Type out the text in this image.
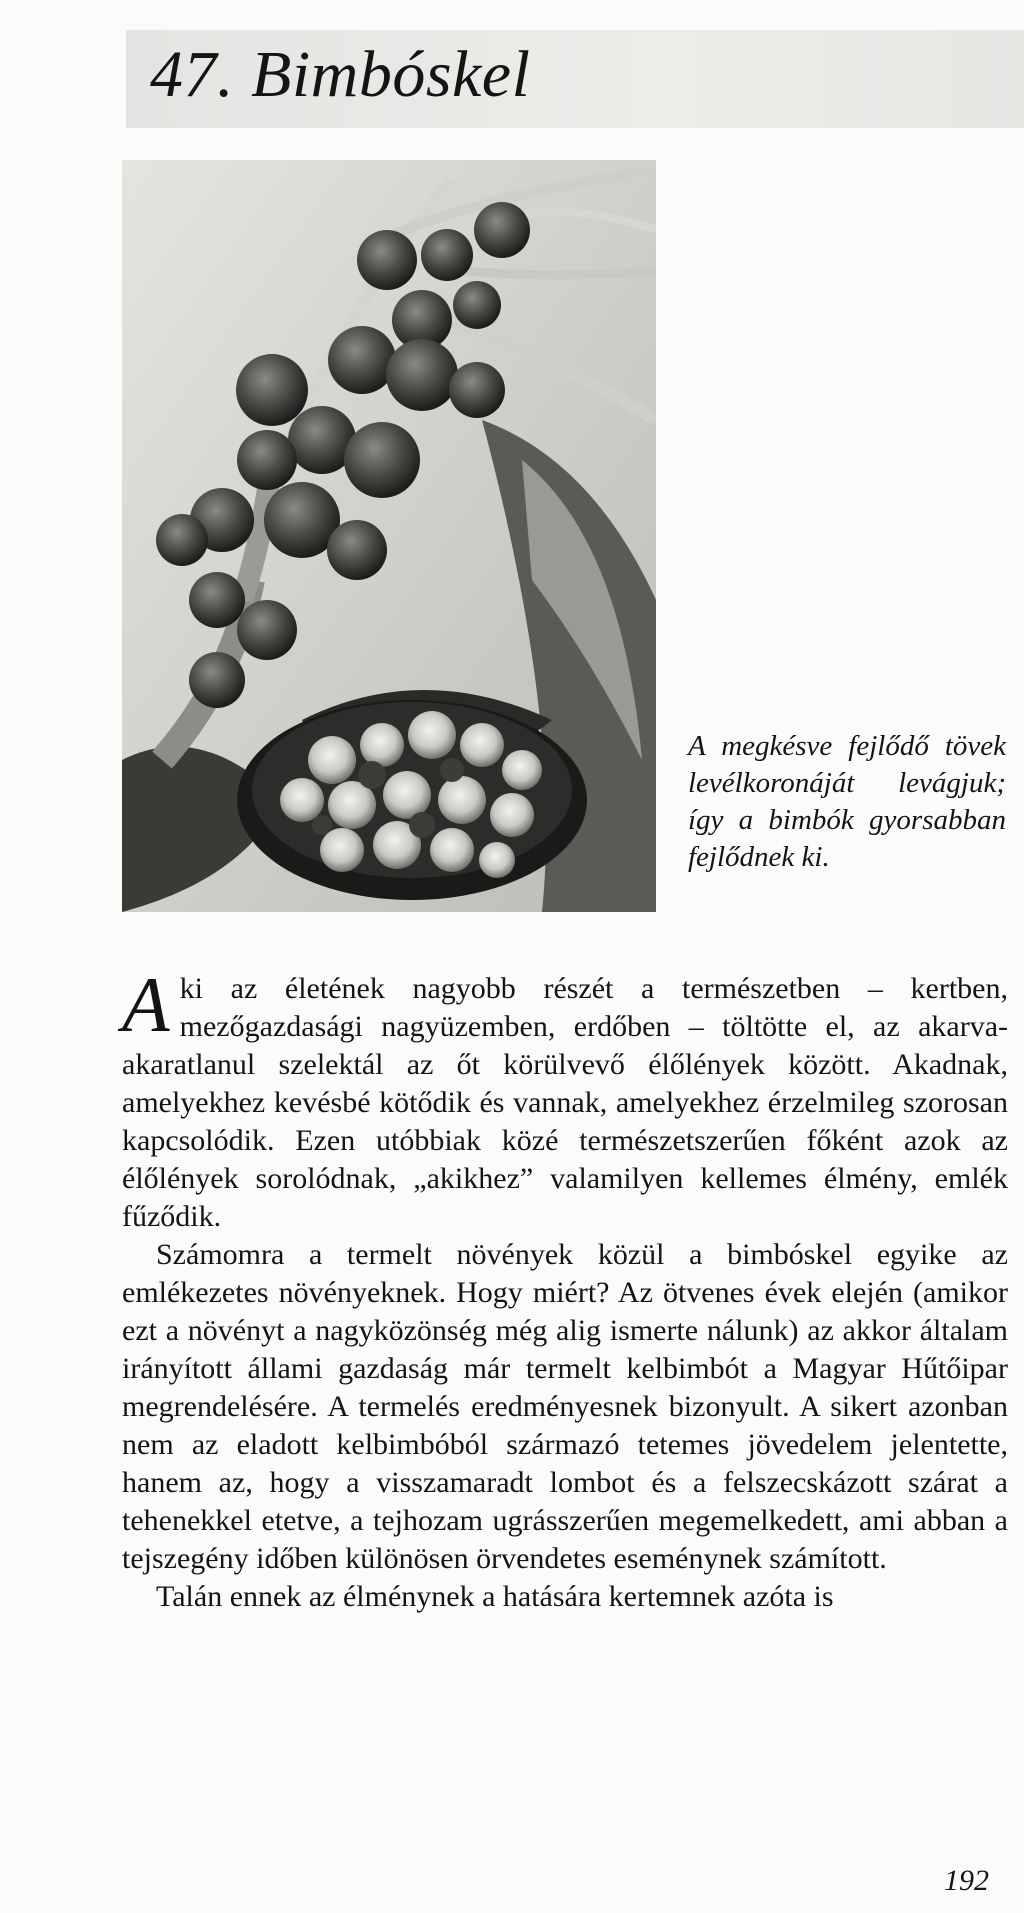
47. Bimbóskel

A megkésve fejlődő tövek levélkoronáját levágjuk; így a bimbók gyorsabban fejlődnek ki.

Aki az életének nagyobb részét a természetben – kertben, mezőgazdasági nagyüzemben, erdőben – töltötte el, az akarva-akaratlanul szelektál az őt körülvevő élőlények között. Akadnak, amelyekhez kevésbé kötődik és vannak, amelyekhez érzelmileg szorosan kapcsolódik. Ezen utóbbiak közé természetszerűen főként azok az élőlények sorolódnak, „akikhez” valamilyen kellemes élmény, emlék fűződik.

Számomra a termelt növények közül a bimbóskel egyike az emlékezetes növényeknek. Hogy miért? Az ötvenes évek elején (amikor ezt a növényt a nagyközönség még alig ismerte nálunk) az akkor általam irányított állami gazdaság már termelt kelbimbót a Magyar Hűtőipar megrendelésére. A termelés eredményesnek bizonyult. A sikert azonban nem az eladott kelbimbóból származó tetemes jövedelem jelentette, hanem az, hogy a visszamaradt lombot és a felszecskázott szárat a tehenekkel etetve, a tejhozam ugrásszerűen megemelkedett, ami abban a tejszegény időben különösen örvendetes eseménynek számított.

Talán ennek az élménynek a hatására kertemnek azóta is

192
